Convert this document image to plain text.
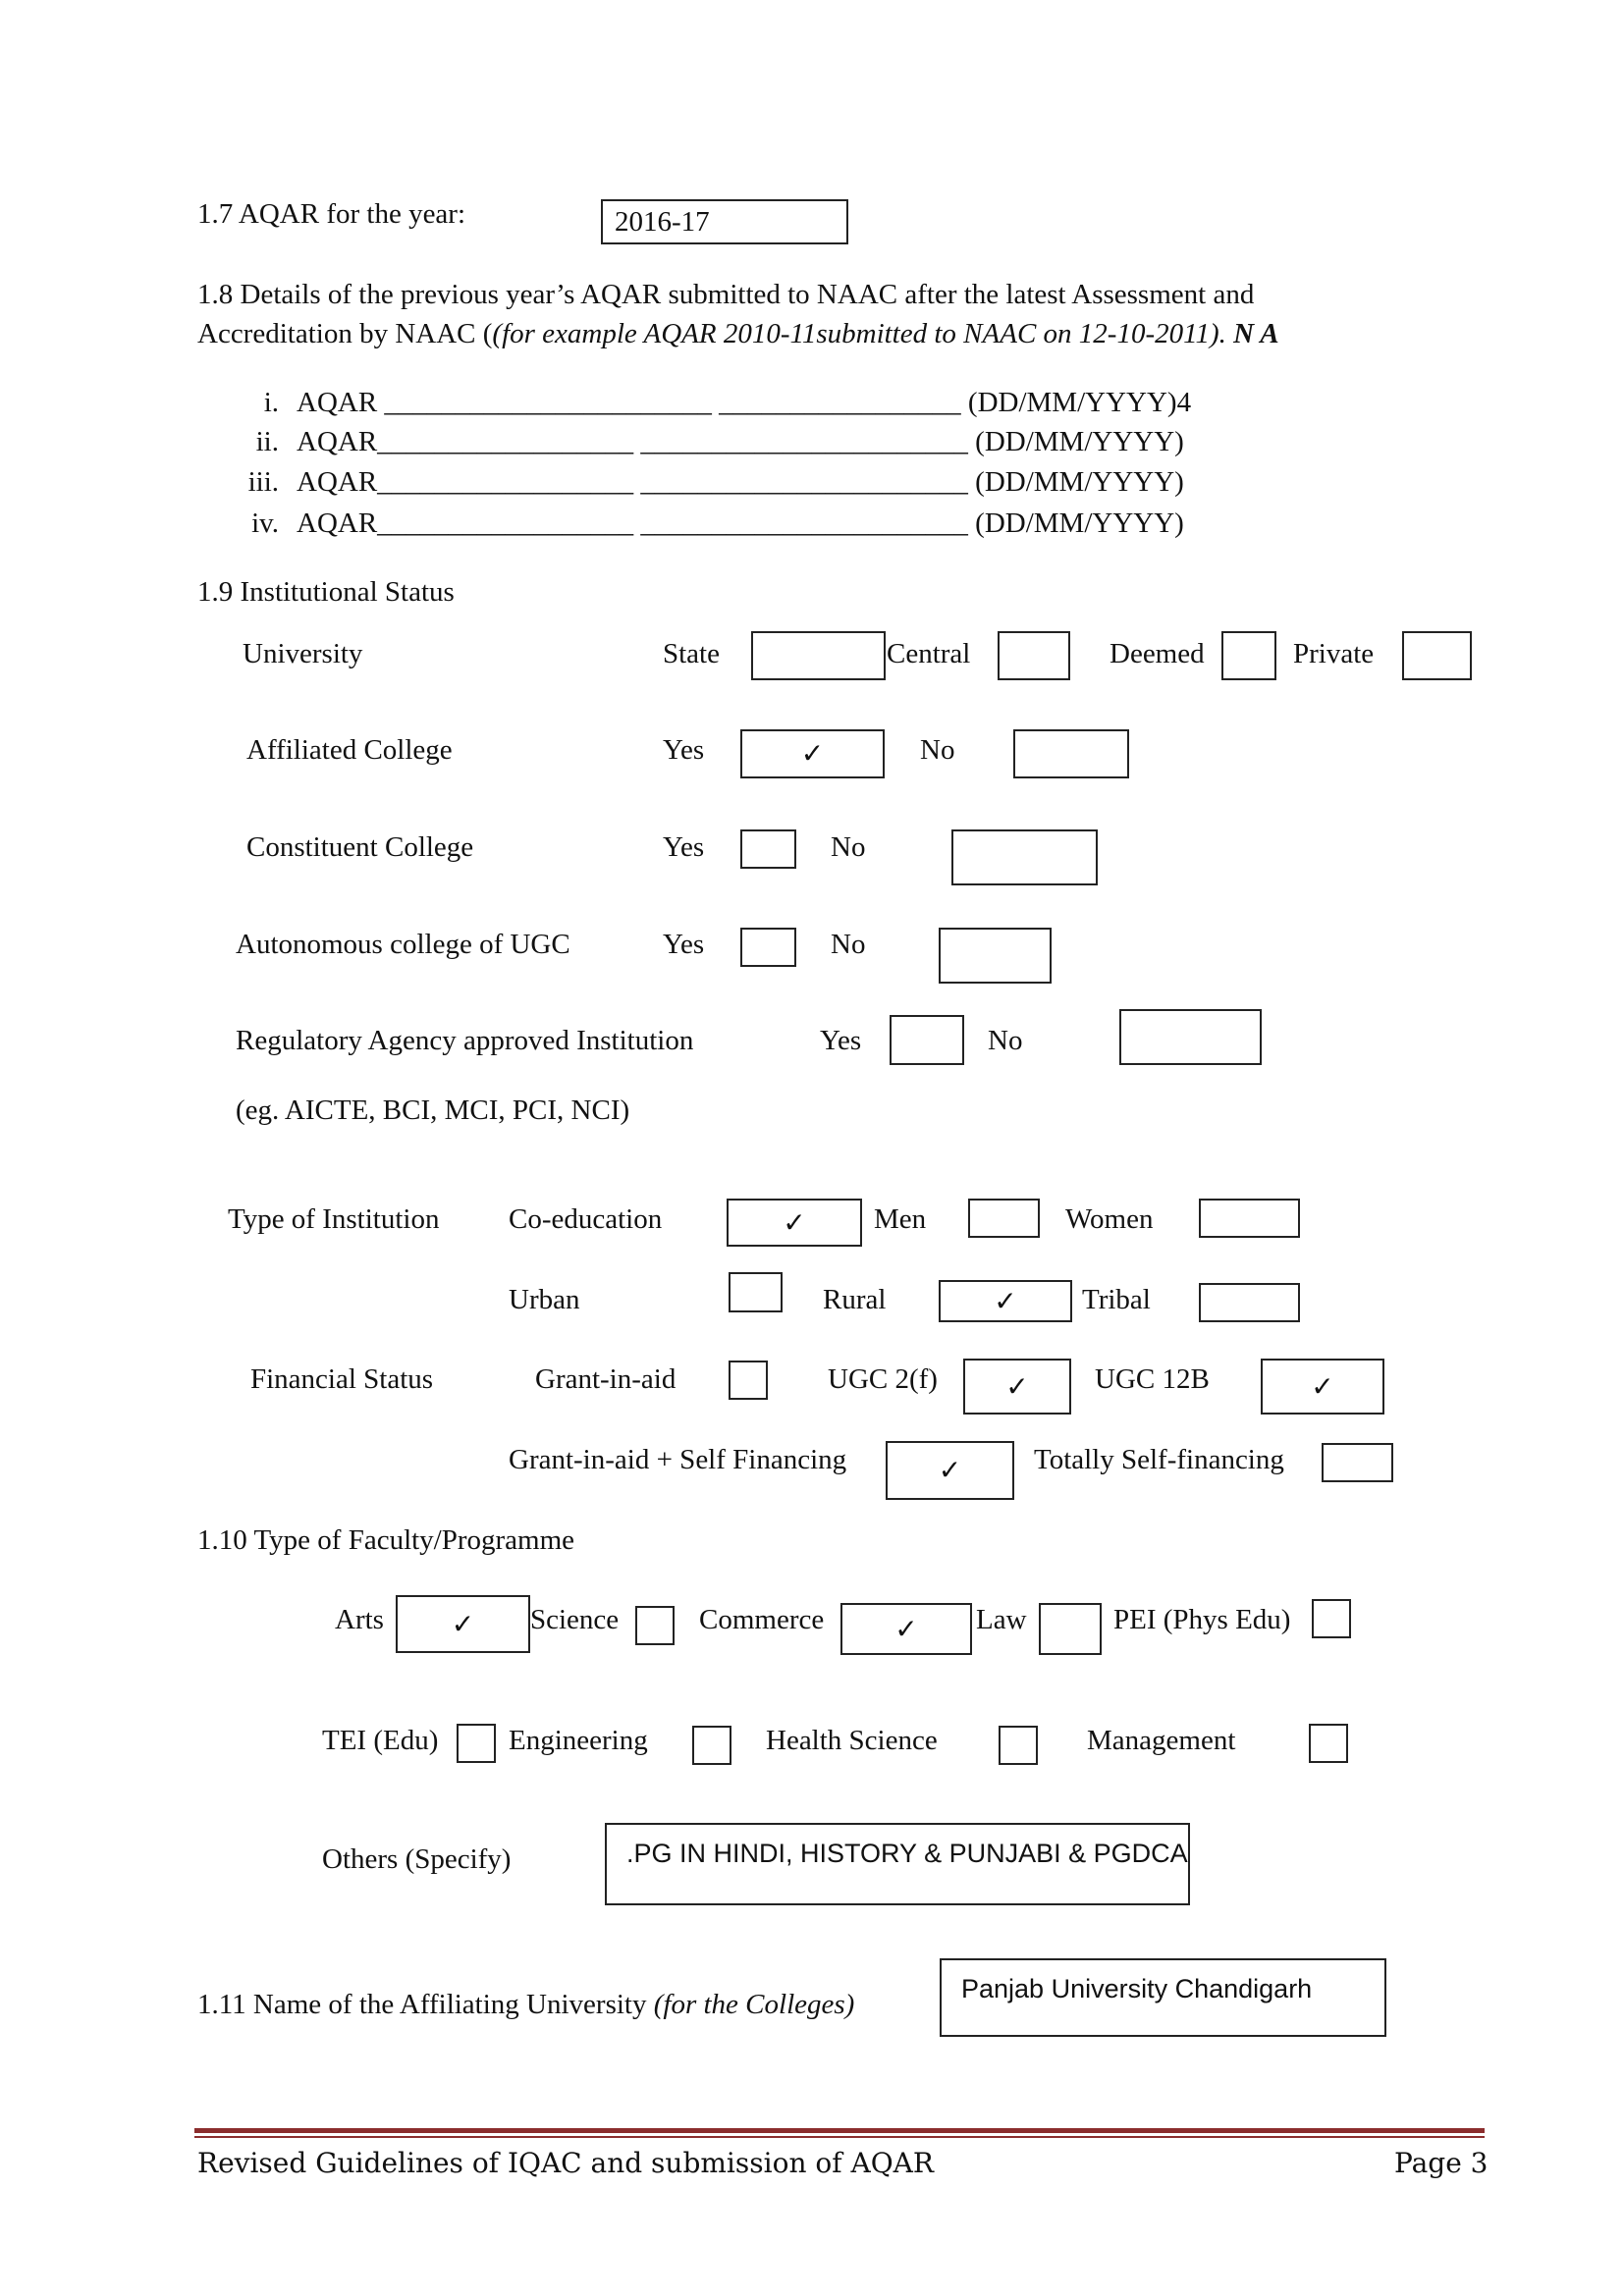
1.7 AQAR for the year:	2016-17
1.8 Details of the previous year’s AQAR submitted to NAAC after the latest Assessment and
Accreditation by NAAC ((for example AQAR 2010-11submitted to NAAC on 12-10-2011). N A
i. AQAR _______________________ _________________ (DD/MM/YYYY)4
ii. AQAR__________________ _______________________ (DD/MM/YYYY)
iii. AQAR__________________ _______________________ (DD/MM/YYYY)
iv. AQAR__________________ _______________________ (DD/MM/YYYY)
1.9 Institutional Status
University	State	Central	Deemed	Private
Affiliated College	Yes	✓	No
Constituent College	Yes	No
Autonomous college of UGC	Yes	No
Regulatory Agency approved Institution	Yes	No
(eg. AICTE, BCI, MCI, PCI, NCI)
Type of Institution Co-education	✓	Men	Women
Urban	Rural	✓	Tribal
Financial Status	Grant-in-aid	UGC 2(f)	✓	UGC 12B	✓
Grant-in-aid + Self Financing	✓	Totally Self-financing
1.10 Type of Faculty/Programme
Arts	✓	Science	Commerce	✓	Law	PEI (Phys Edu)
TEI (Edu) Engineering	Health Science	Management
Others (Specify)	.PG IN HINDI, HISTORY & PUNJABI & PGDCA
1.11 Name of the Affiliating University (for the Colleges)	Panjab University Chandigarh
Revised Guidelines of IQAC and submission of AQAR	Page 3
